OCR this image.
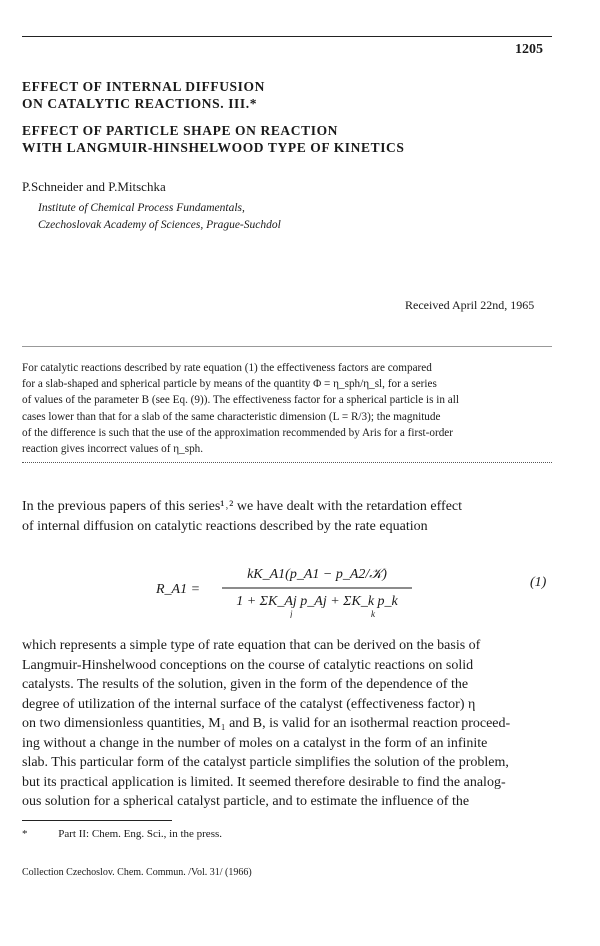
1205
EFFECT OF INTERNAL DIFFUSION
ON CATALYTIC REACTIONS. III.*
EFFECT OF PARTICLE SHAPE ON REACTION
WITH LANGMUIR-HINSHELWOOD TYPE OF KINETICS
P.Schneider and P.Mitschka
Institute of Chemical Process Fundamentals,
Czechoslovak Academy of Sciences, Prague-Suchdol
Received April 22nd, 1965

For catalytic reactions described by rate equation (1) the effectiveness factors are compared

for a slab-shaped and spherical particle by means of the quantity Φ = η_sph/η_sl, for a series

of values of the parameter B (see Eq. (9)). The effectiveness factor for a spherical particle is in all

cases lower than that for a slab of the same characteristic dimension (L = R/3); the magnitude

of the difference is such that the use of the approximation recommended by Aris for a first-order

reaction gives incorrect values of η_sph.

In the previous papers of this series¹˒² we have dealt with the retardation effect

of internal diffusion on catalytic reactions described by the rate equation

R_A1 =
kK_A1(p_A1 − p_A2/𝒦)
1 + ΣK_Aj p_Aj + ΣK_k p_k
j	k
(1)

which represents a simple type of rate equation that can be derived on the basis of

Langmuir-Hinshelwood conceptions on the course of catalytic reactions on solid

catalysts. The results of the solution, given in the form of the dependence of the

degree of utilization of the internal surface of the catalyst (effectiveness factor) η

on two dimensionless quantities, M₁ and B, is valid for an isothermal reaction proceed-

ing without a change in the number of moles on a catalyst in the form of an infinite

slab. This particular form of the catalyst particle simplifies the solution of the problem,

but its practical application is limited. It seemed therefore desirable to find the analog-

ous solution for a spherical catalyst particle, and to estimate the influence of the

*	Part II: Chem. Eng. Sci., in the press.
Collection Czechoslov. Chem. Commun. /Vol. 31/ (1966)
